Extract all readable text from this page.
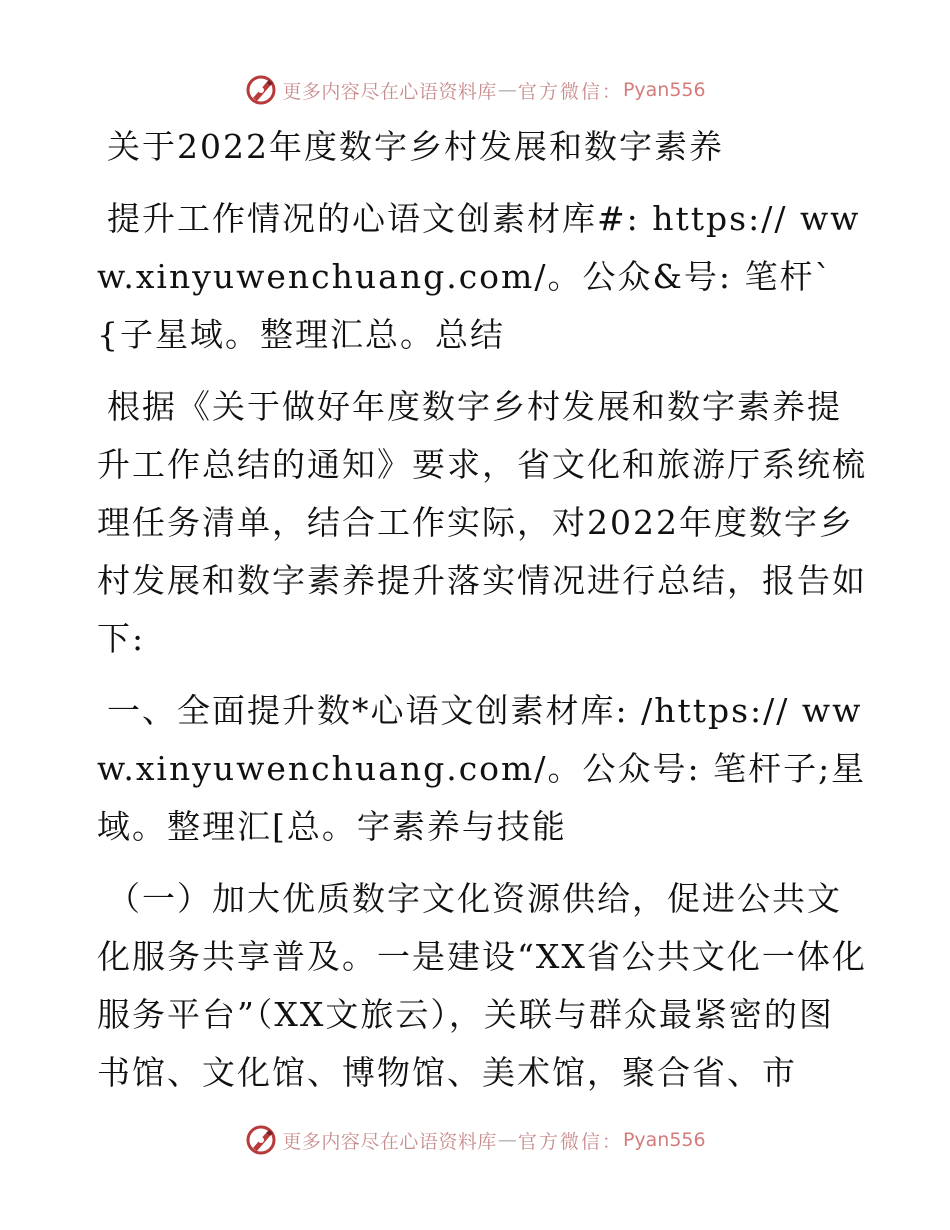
更多内容尽在心语资料库 — 官方微信： Pyan556

关于2022年度数字乡村发展和数字素养

提升工作情况的心语文创素材库#: https:// www.xinyuwenchuang.com/。公众&号: 笔杆`{子星域。整理汇总。总结

根据《关于做好年度数字乡村发展和数字素养提升工作总结的通知》要求，省文化和旅游厅系统梳理任务清单，结合工作实际，对2022年度数字乡村发展和数字素养提升落实情况进行总结，报告如下:

一、全面提升数*心语文创素材库: /https:// www.xinyuwenchuang.com/。公众号: 笔杆子;星域。整理汇[总。字素养与技能

（一）加大优质数字文化资源供给，促进公共文化服务共享普及。一是建设“XX省公共文化一体化服务平台”（XX文旅云），关联与群众最紧密的图书馆、文化馆、博物馆、美术馆，聚合省、市

更多内容尽在心语资料库 — 官方微信： Pyan556
